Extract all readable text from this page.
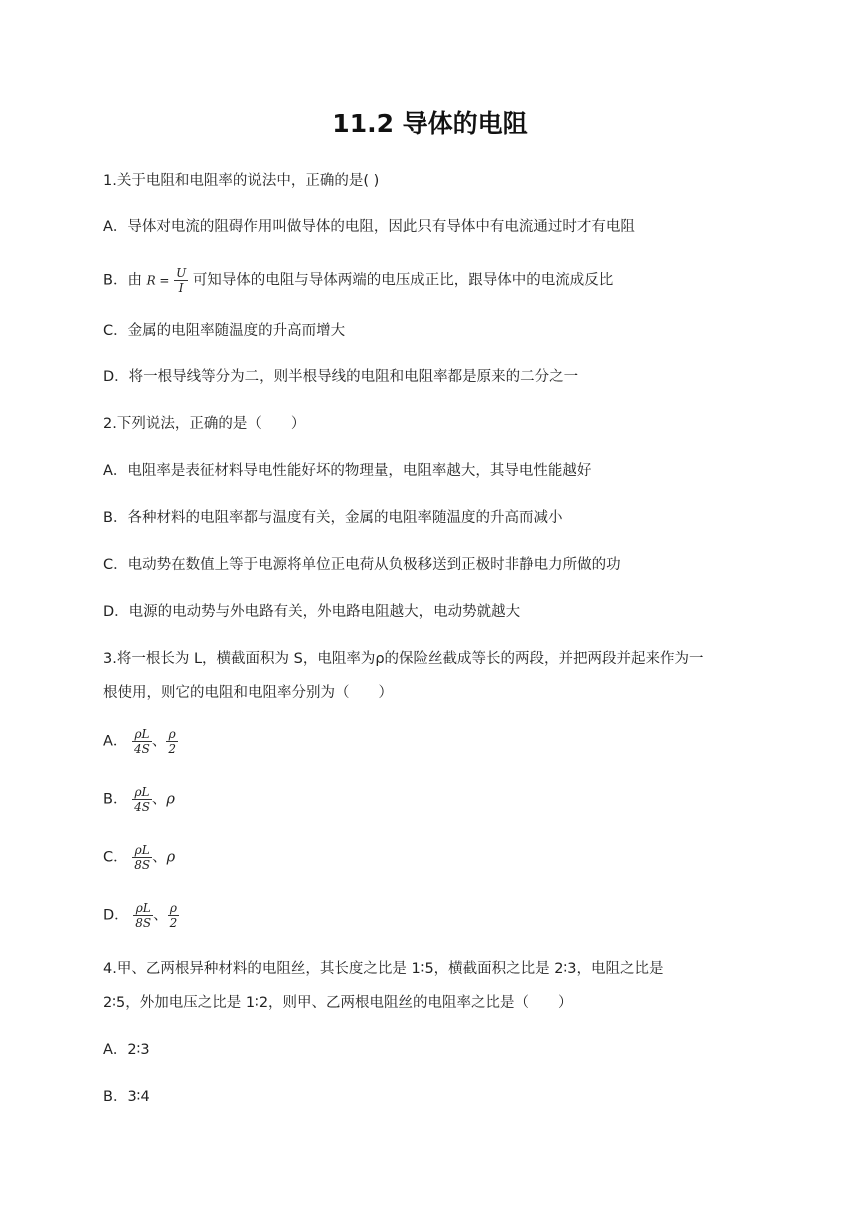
11.2 导体的电阻
1.关于电阻和电阻率的说法中，正确的是( )
A．导体对电流的阻碍作用叫做导体的电阻，因此只有导体中有电流通过时才有电阻
B．由 $R = \frac{U}{I}$ 可知导体的电阻与导体两端的电压成正比，跟导体中的电流成反比
C．金属的电阻率随温度的升高而增大
D．将一根导线等分为二，则半根导线的电阻和电阻率都是原来的二分之一
2.下列说法，正确的是（　　）
A．电阻率是表征材料导电性能好坏的物理量，电阻率越大，其导电性能越好
B．各种材料的电阻率都与温度有关，金属的电阻率随温度的升高而减小
C．电动势在数值上等于电源将单位正电荷从负极移送到正极时非静电力所做的功
D．电源的电动势与外电路有关，外电路电阻越大，电动势就越大
3.将一根长为 L，横截面积为 S，电阻率为ρ的保险丝截成等长的两段，并把两段并起来作为一
根使用，则它的电阻和电阻率分别为（　　）
A． $\frac{\rho L}{4S}$ 、 $\frac{\rho}{2}$
B． $\frac{\rho L}{4S}$ 、ρ
C． $\frac{\rho L}{8S}$ 、ρ
D． $\frac{\rho L}{8S}$ 、 $\frac{\rho}{2}$
4.甲、乙两根异种材料的电阻丝，其长度之比是 1∶5，横截面积之比是 2∶3，电阻之比是
2∶5，外加电压之比是 1∶2，则甲、乙两根电阻丝的电阻率之比是（　　）
A．2∶3
B．3∶4
